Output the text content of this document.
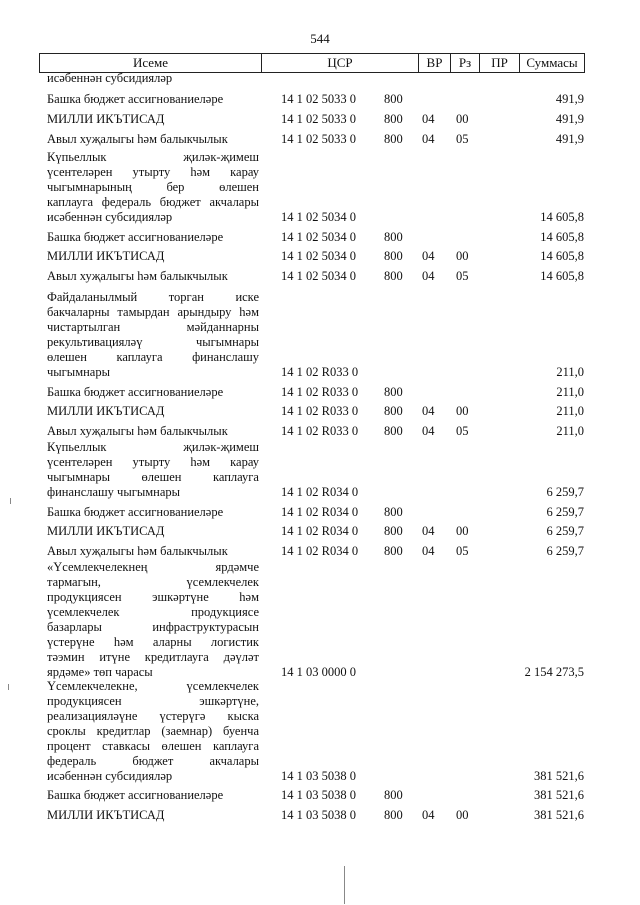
544
Исеме	ЦСР	ВР	Рз	ПР	Суммасы
исәбеннән субсидияләр
Башка бюджет ассигнованиеләре	14 1 02 5033 0 800	491,9
МИЛЛИ ИКЪТИСАД	14 1 02 5033 0 800 04 00	491,9
Авыл хуҗалыгы һәм балыкчылык	14 1 02 5033 0 800 04 05	491,9
Күпьеллык җиләк-җимеш
үсентеләрен утырту һәм карау
чыгымнарының бер өлешен
каплауга федераль бюджет акчалары
исәбеннән субсидияләр	14 1 02 5034 0	14 605,8
Башка бюджет ассигнованиеләре	14 1 02 5034 0 800	14 605,8
МИЛЛИ ИКЪТИСАД	14 1 02 5034 0 800 04 00	14 605,8
Авыл хуҗалыгы һәм балыкчылык	14 1 02 5034 0 800 04 05	14 605,8
Файдаланылмый торган иске
бакчаларны тамырдан арындыру һәм
чистартылган мәйданнарны
рекультивацияләү чыгымнары
өлешен каплауга финанслашу
чыгымнары	14 1 02 R033 0	211,0
Башка бюджет ассигнованиеләре	14 1 02 R033 0 800	211,0
МИЛЛИ ИКЪТИСАД	14 1 02 R033 0 800 04 00	211,0
Авыл хуҗалыгы һәм балыкчылык	14 1 02 R033 0 800 04 05	211,0
Күпьеллык җиләк-җимеш
үсентеләрен утырту һәм карау
чыгымнары өлешен каплауга
финанслашу чыгымнары	14 1 02 R034 0	6 259,7
Башка бюджет ассигнованиеләре	14 1 02 R034 0 800	6 259,7
МИЛЛИ ИКЪТИСАД	14 1 02 R034 0 800 04 00	6 259,7
Авыл хуҗалыгы һәм балыкчылык	14 1 02 R034 0 800 04 05	6 259,7
«Үсемлекчелекнең ярдәмче
тармагын, үсемлекчелек
продукциясен эшкәртүне һәм
үсемлекчелек продукциясе
базарлары инфраструктурасын
үстерүне һәм аларны логистик
тәэмин итүне кредитлауга дәүләт
ярдәме» төп чарасы	14 1 03 0000 0	2 154 273,5
Үсемлекчелекне, үсемлекчелек
продукциясен эшкәртүне,
реализацияләүне үстерүгә кыска
сроклы кредитлар (заемнар) буенча
процент ставкасы өлешен каплауга
федераль бюджет акчалары
исәбеннән субсидияләр	14 1 03 5038 0	381 521,6
Башка бюджет ассигнованиеләре	14 1 03 5038 0 800	381 521,6
МИЛЛИ ИКЪТИСАД	14 1 03 5038 0 800 04 00	381 521,6
